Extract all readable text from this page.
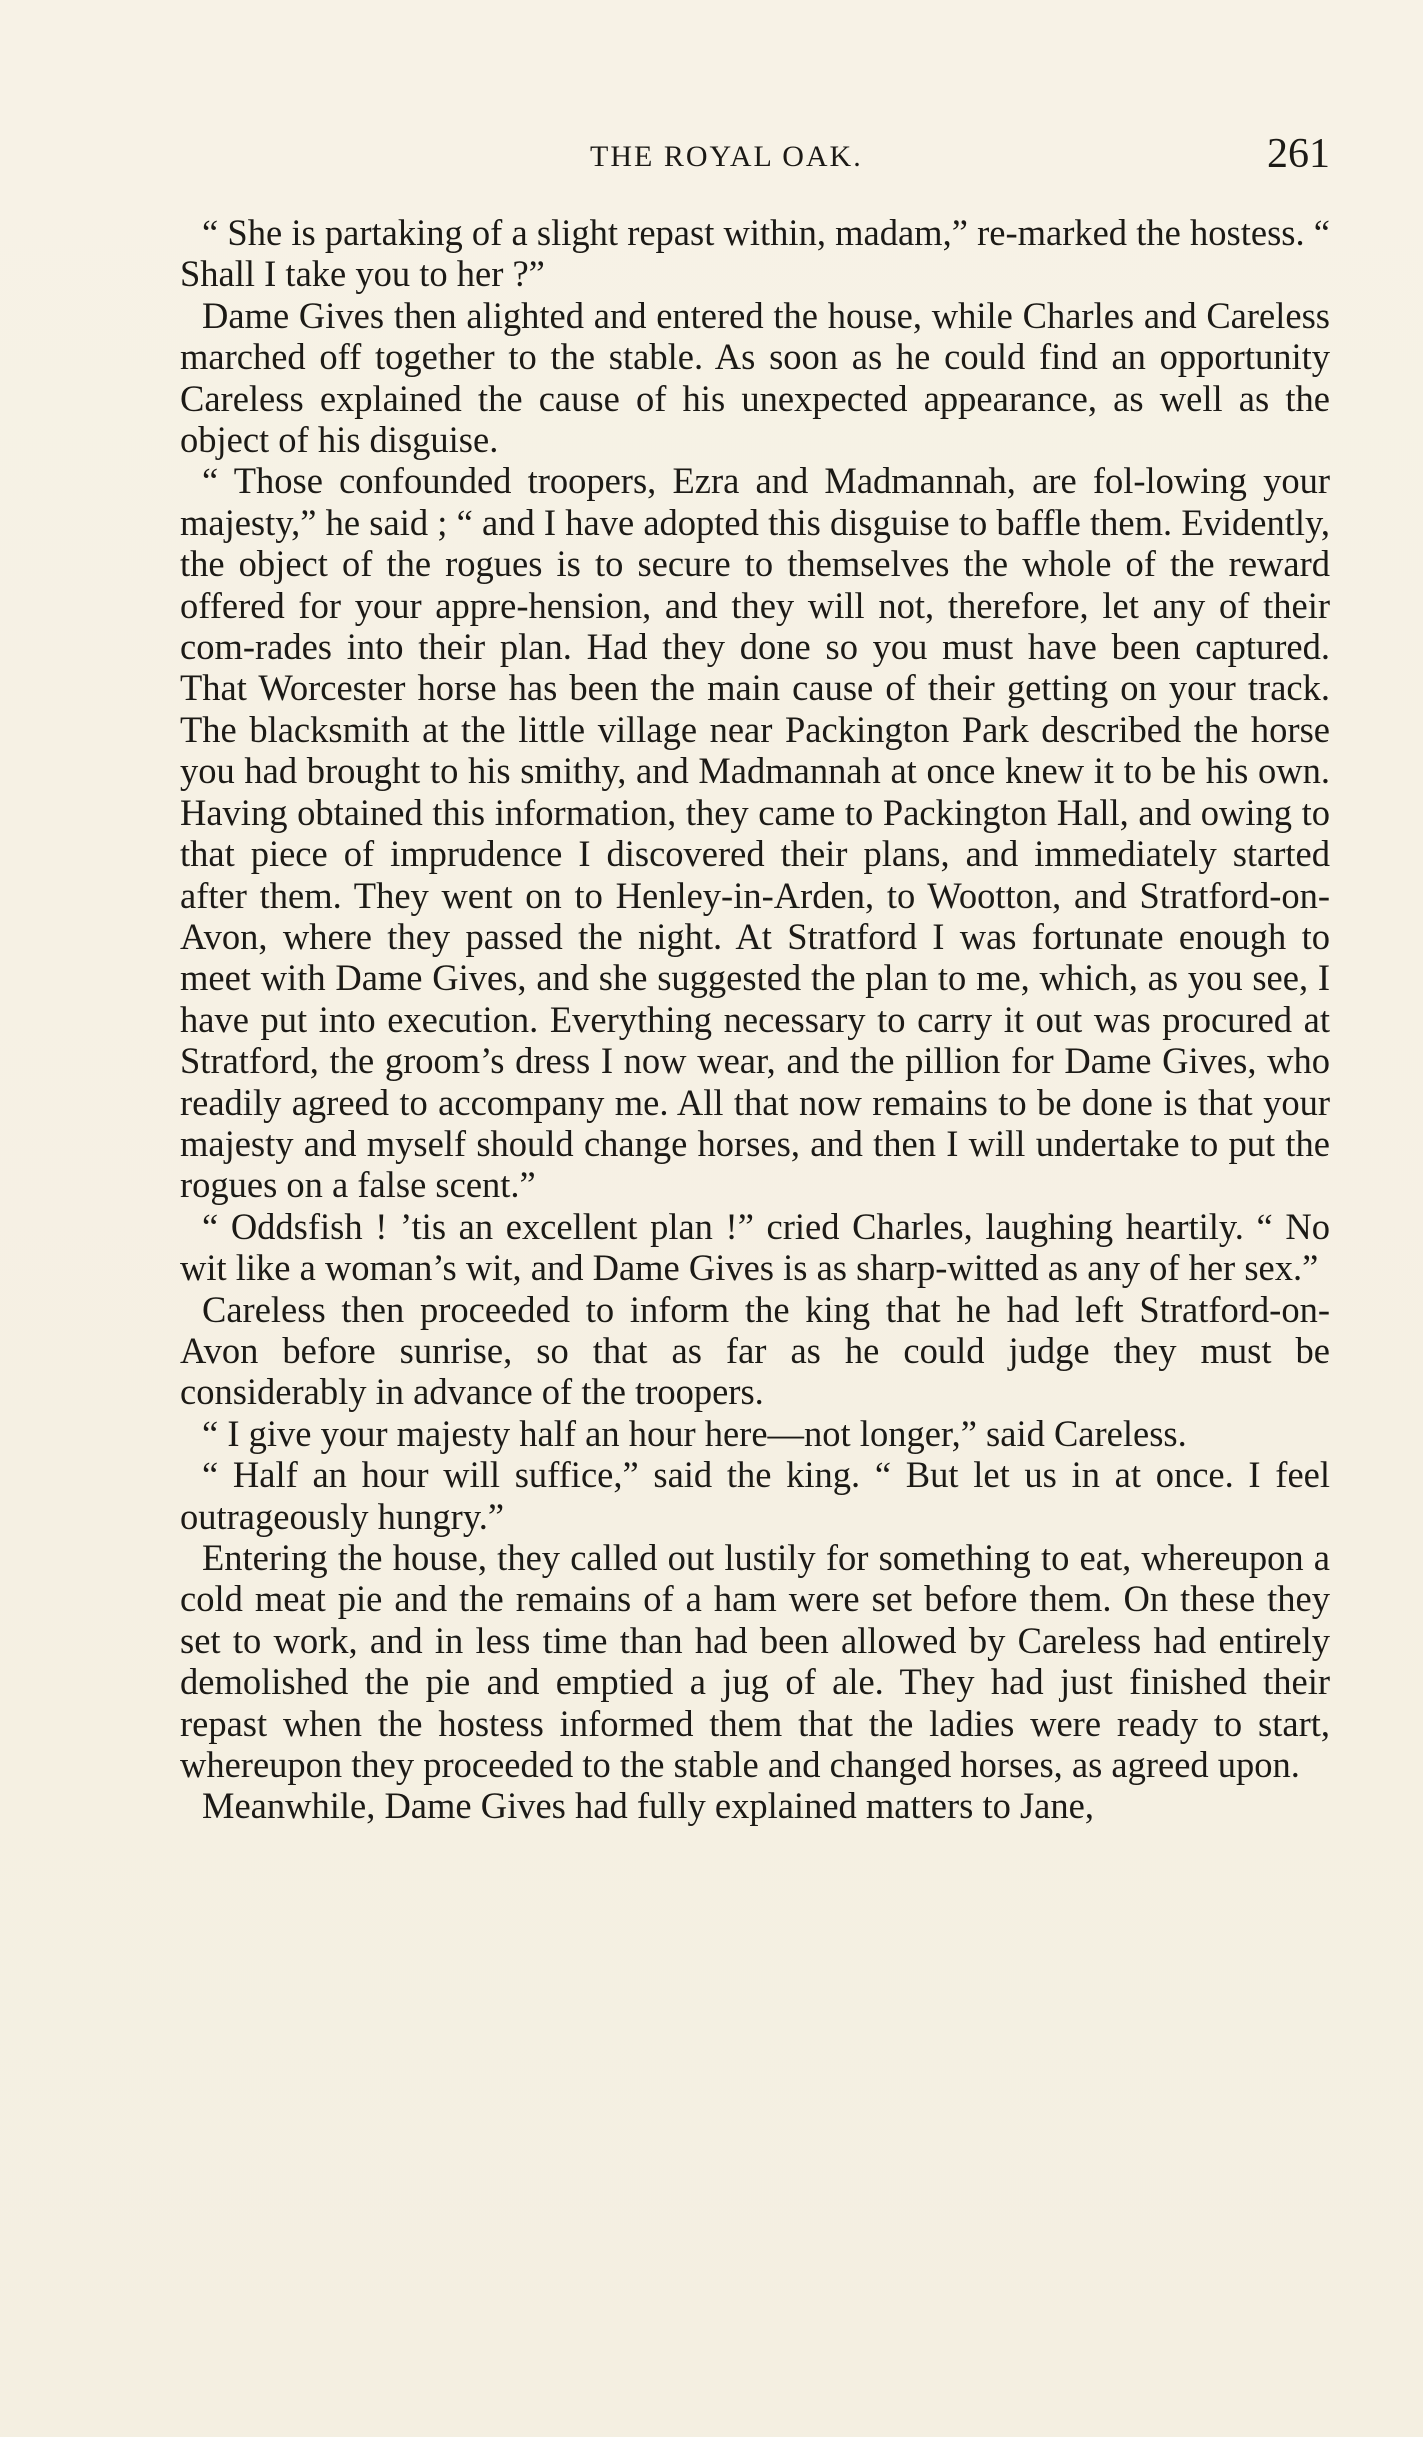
THE ROYAL OAK.	261

“ She is partaking of a slight repast within, madam,” re-marked the hostess. “ Shall I take you to her ?”

Dame Gives then alighted and entered the house, while Charles and Careless marched off together to the stable. As soon as he could find an opportunity Careless explained the cause of his unexpected appearance, as well as the object of his disguise.

“ Those confounded troopers, Ezra and Madmannah, are fol-lowing your majesty,” he said ; “ and I have adopted this disguise to baffle them. Evidently, the object of the rogues is to secure to themselves the whole of the reward offered for your appre-hension, and they will not, therefore, let any of their com-rades into their plan. Had they done so you must have been captured. That Worcester horse has been the main cause of their getting on your track. The blacksmith at the little village near Packington Park described the horse you had brought to his smithy, and Madmannah at once knew it to be his own. Having obtained this information, they came to Packington Hall, and owing to that piece of imprudence I discovered their plans, and immediately started after them. They went on to Henley-in-Arden, to Wootton, and Stratford-on-Avon, where they passed the night. At Stratford I was fortunate enough to meet with Dame Gives, and she suggested the plan to me, which, as you see, I have put into execution. Everything necessary to carry it out was procured at Stratford, the groom’s dress I now wear, and the pillion for Dame Gives, who readily agreed to accompany me. All that now remains to be done is that your majesty and myself should change horses, and then I will undertake to put the rogues on a false scent.”

“ Oddsfish ! ’tis an excellent plan !” cried Charles, laughing heartily. “ No wit like a woman’s wit, and Dame Gives is as sharp-witted as any of her sex.”

Careless then proceeded to inform the king that he had left Stratford-on-Avon before sunrise, so that as far as he could judge they must be considerably in advance of the troopers.

“ I give your majesty half an hour here—not longer,” said Careless.

“ Half an hour will suffice,” said the king. “ But let us in at once. I feel outrageously hungry.”

Entering the house, they called out lustily for something to eat, whereupon a cold meat pie and the remains of a ham were set before them. On these they set to work, and in less time than had been allowed by Careless had entirely demolished the pie and emptied a jug of ale. They had just finished their repast when the hostess informed them that the ladies were ready to start, whereupon they proceeded to the stable and changed horses, as agreed upon.

Meanwhile, Dame Gives had fully explained matters to Jane,
